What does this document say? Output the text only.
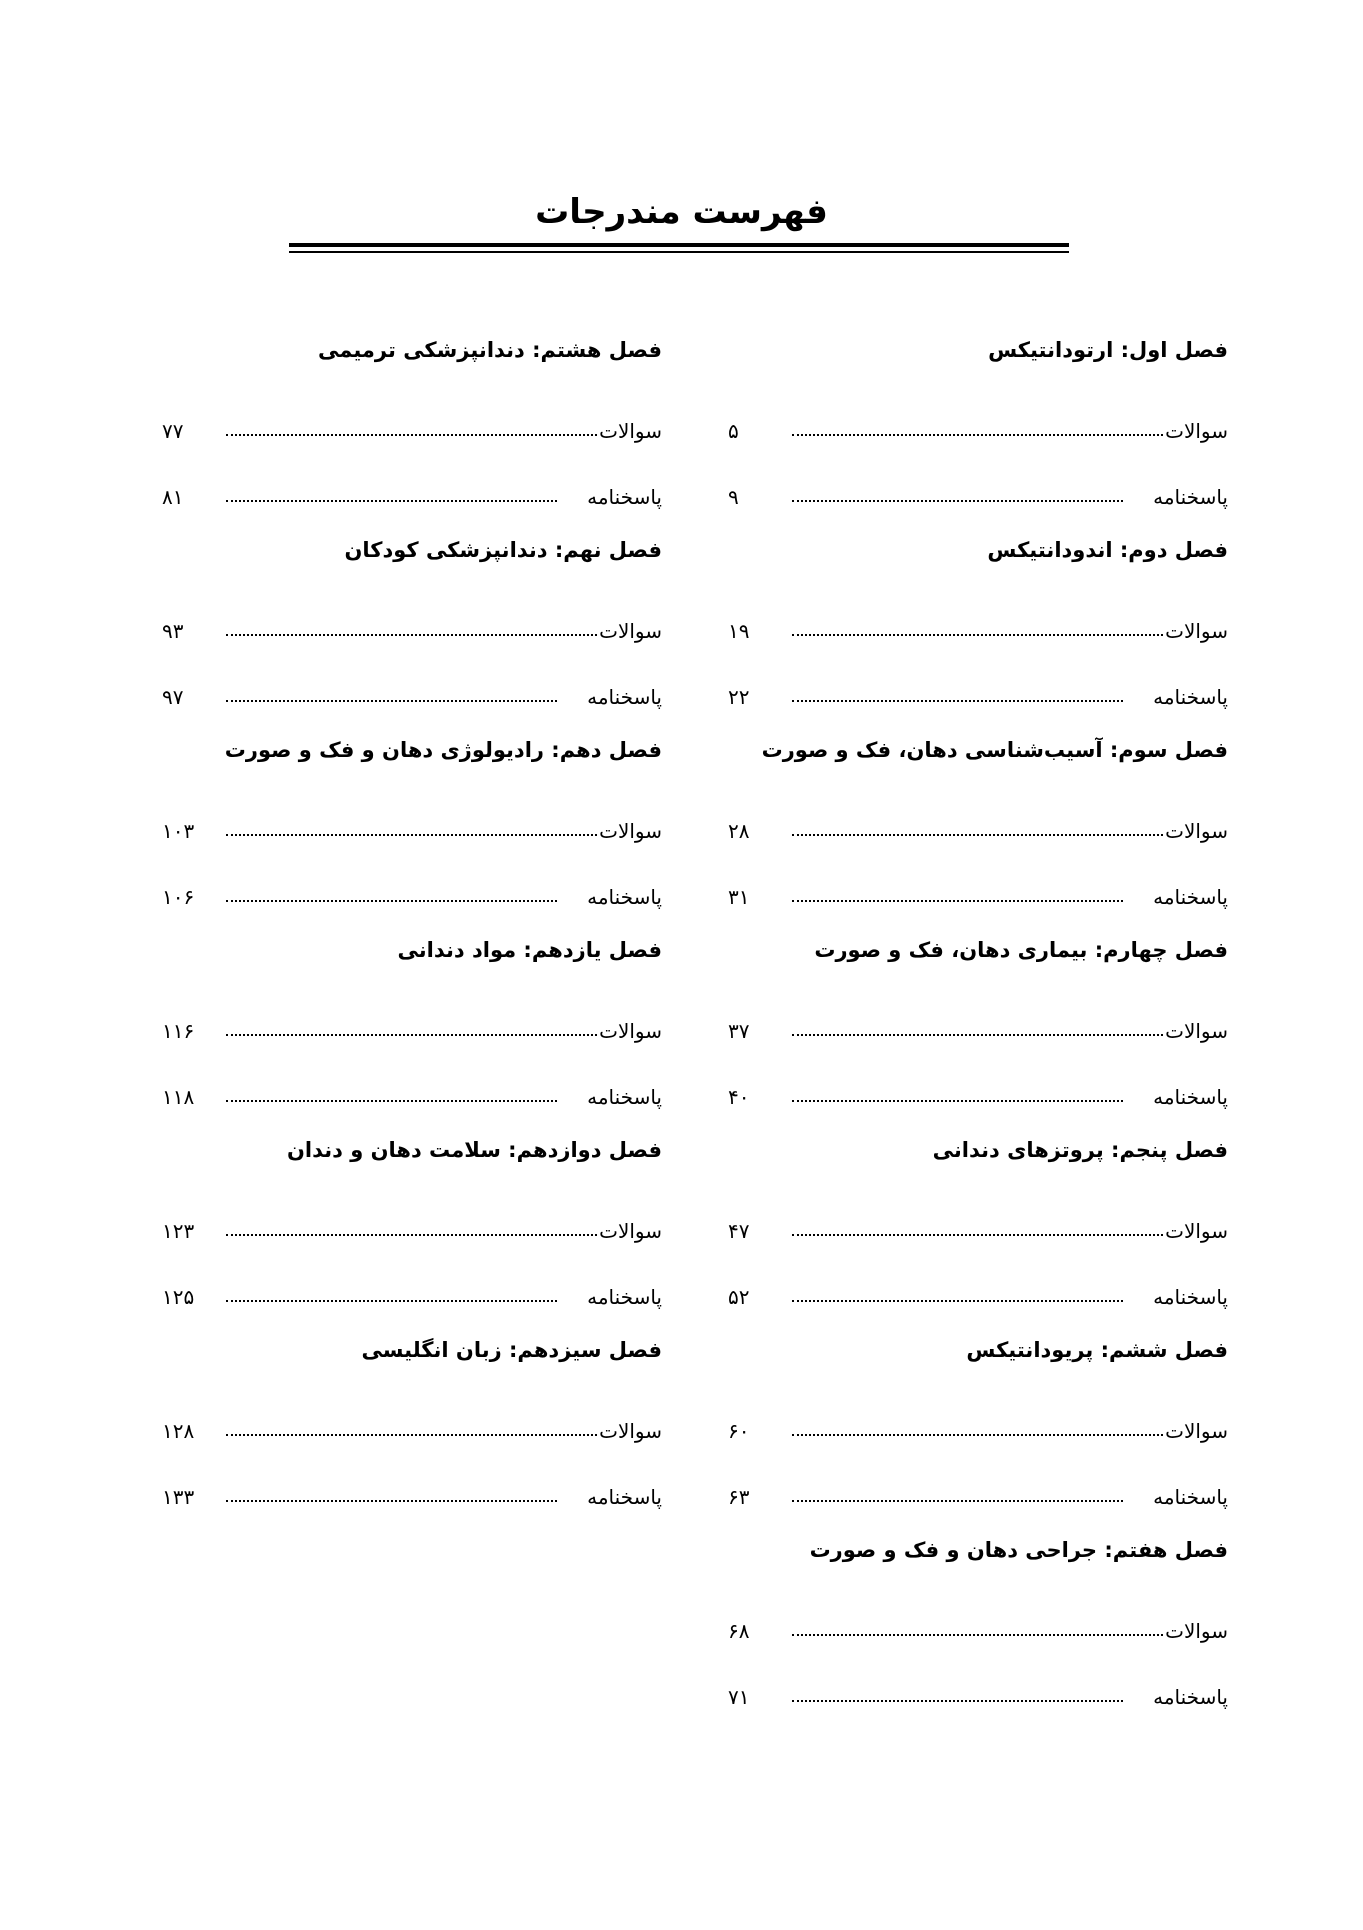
فهرست مندرجات
فصل اول: ارتودانتیکس
سوالات
۵
پاسخنامه
۹
فصل دوم: اندودانتیکس
سوالات
۱۹
پاسخنامه
۲۲
فصل سوم: آسیب‌شناسی دهان، فک و صورت
سوالات
۲۸
پاسخنامه
۳۱
فصل چهارم: بیماری دهان، فک و صورت
سوالات
۳۷
پاسخنامه
۴۰
فصل پنجم: پروتزهای دندانی
سوالات
۴۷
پاسخنامه
۵۲
فصل ششم: پریودانتیکس
سوالات
۶۰
پاسخنامه
۶۳
فصل هفتم: جراحی دهان و فک و صورت
سوالات
۶۸
پاسخنامه
۷۱
فصل هشتم: دندانپزشکی ترمیمی
سوالات
۷۷
پاسخنامه
۸۱
فصل نهم: دندانپزشکی کودکان
سوالات
۹۳
پاسخنامه
۹۷
فصل دهم: رادیولوژی دهان و فک و صورت
سوالات
۱۰۳
پاسخنامه
۱۰۶
فصل یازدهم: مواد دندانی
سوالات
۱۱۶
پاسخنامه
۱۱۸
فصل دوازدهم: سلامت دهان و دندان
سوالات
۱۲۳
پاسخنامه
۱۲۵
فصل سیزدهم: زبان انگلیسی
سوالات
۱۲۸
پاسخنامه
۱۳۳
